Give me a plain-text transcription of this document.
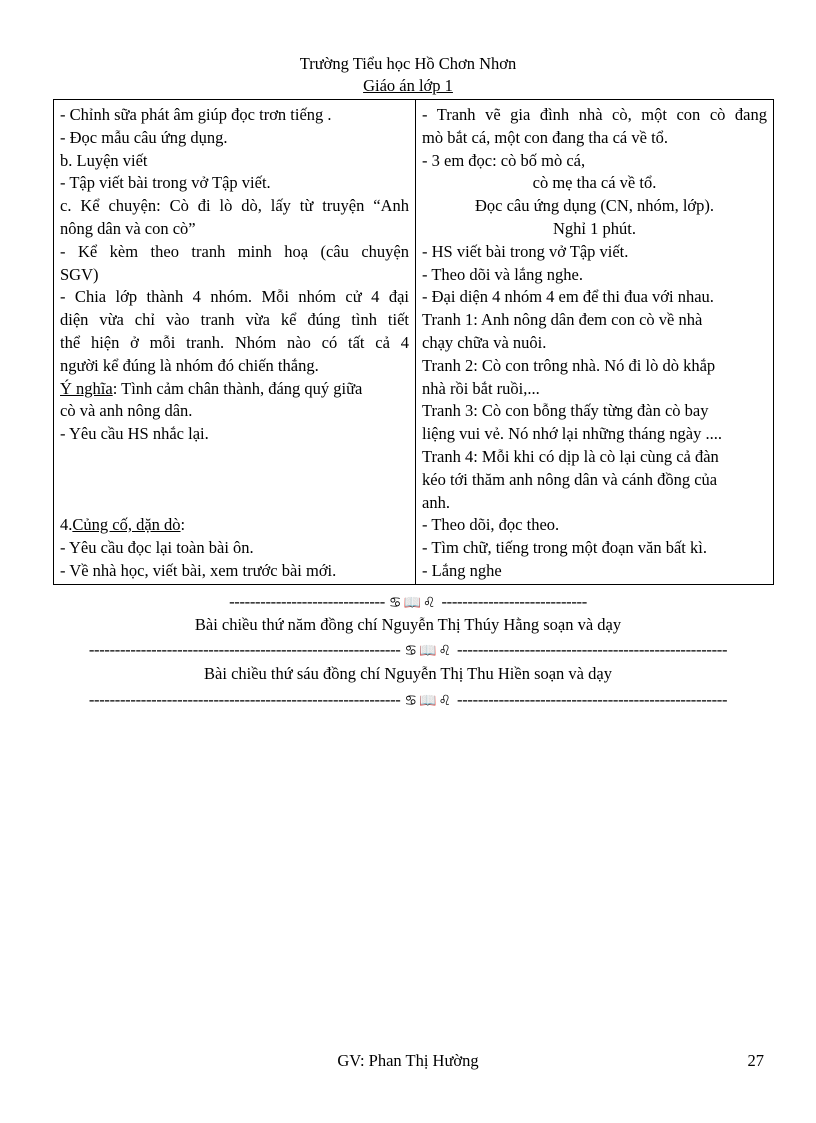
Trường Tiểu học Hồ Chơn Nhơn
Giáo án lớp 1
- Chỉnh sữa phát âm giúp đọc trơn tiếng .
- Đọc mẫu câu ứng dụng.
b. Luyện viết
- Tập viết bài trong vở Tập viết.
c. Kể chuyện: Cò đi lò dò, lấy từ truyện “Anh
nông dân và con cò”
- Kể kèm theo tranh minh hoạ (câu chuyện
SGV)
- Chia lớp thành 4 nhóm. Mỗi nhóm cử 4 đại
diện vừa chỉ vào tranh vừa kể đúng tình tiết
thể hiện ở mỗi tranh. Nhóm nào có tất cả 4
người kể đúng là nhóm đó chiến thắng.
Ý nghĩa: Tình cảm chân thành, đáng quý giữa
cò và anh nông dân.
- Yêu cầu HS nhắc lại.
4.Củng cố, dặn dò:
- Yêu cầu đọc lại toàn bài ôn.
- Về nhà học, viết bài, xem trước bài mới.
- Tranh vẽ gia đình nhà cò, một con cò đang
mò bắt cá, một con đang tha cá về tổ.
- 3 em đọc: cò bố mò cá,
cò mẹ tha cá về tổ.
Đọc câu ứng dụng (CN, nhóm, lớp).
Nghỉ 1 phút.
- HS viết bài trong vở Tập viết.
- Theo dõi và lắng nghe.
- Đại diện 4 nhóm 4 em để thi đua với nhau.
Tranh 1: Anh nông dân đem con cò về nhà
chạy chữa và nuôi.
Tranh 2: Cò con trông nhà. Nó đi lò dò khắp
nhà rồi bắt ruồi,...
Tranh 3: Cò con bỗng thấy từng đàn cò bay
liệng vui vẻ. Nó nhớ lại những tháng ngày ....
Tranh 4: Mỗi khi có dịp là cò lại cùng cả đàn
kéo tới thăm anh nông dân và cánh đồng của
anh.
- Theo dõi, đọc theo.
- Tìm chữ, tiếng trong một đoạn văn bất kì.
- Lắng nghe
------------------------------ ♋📖♌ ----------------------------
Bài chiều thứ năm đồng chí Nguyễn Thị Thúy Hằng soạn và dạy
------------------------------------------------------------ ♋📖♌ ----------------------------------------------------
Bài chiều thứ sáu đồng chí Nguyễn Thị Thu Hiền soạn và dạy
------------------------------------------------------------ ♋📖♌ ----------------------------------------------------
GV: Phan Thị Hường	27
